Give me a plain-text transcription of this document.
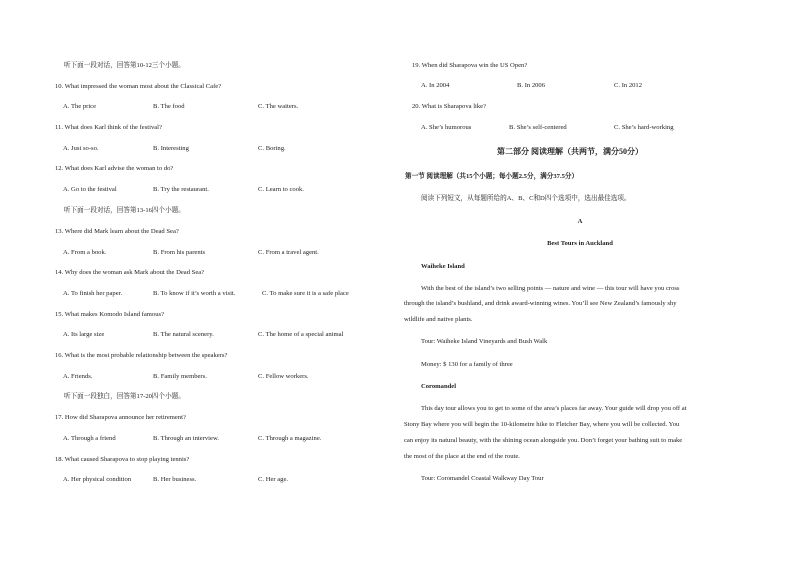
听下面一段对话，回答第10-12三个小题。
10. What impressed the woman most about the Classical Cafe?
A. The price	B. The food	C. The waiters.
11. What does Karl think of the festival?
A. Just so-so.	B. Interesting	C. Boring.
12. What does Karl advise the woman to do?
A. Go to the festival	B. Try the restaurant.	C. Learn to cook.
听下面一段对话，回答第13-16四个小题。
13. Where did Mark learn about the Dead Sea?
A. From a book.	B. From his parents	C. From a travel agent.
14. Why does the woman ask Mark about the Dead Sea?
A. To finish her paper.	B. To know if it’s worth a visit.	C. To make sure it is a safe place
15. What makes Komodo Island famous?
A. Its large size	B. The natural scenery.	C. The home of a special animal
16. What is the most probable relationship between the speakers?
A. Friends.	B. Family members.	C. Fellow workers.
听下面一段独白，回答第17-20四个小题。
17. How did Sharapova announce her retirement?
A. Through a friend	B. Through an interview.	C. Through a magazine.
18. What caused Sharapova to stop playing tennis?
A. Her physical condition	B. Her business.	C. Her age.
19. When did Sharapova win the US Open?
A. In 2004	B. In 2006	C. In 2012
20. What is Sharapova like?
A. She’s humorous	B. She’s self-centered	C. She’s hard-working
第二部分 阅读理解（共两节，满分50分）
第一节 阅读理解（共15个小题；每小题2.5分，满分37.5分）
阅读下列短文，从每题所给的A、B、C和D四个选项中，选出最佳选项。
A
Best Tours in Auckland
Waiheke Island
With the best of the island’s two selling points — nature and wine — this tour will have you cross
through the island’s bushland, and drink award-winning wines. You’ll see New Zealand’s famously shy
wildlife and native plants.
Tour: Waiheke Island Vineyards and Bush Walk
Money: $ 130 for a family of three
Coromandel
This day tour allows you to get to some of the area’s places far away. Your guide will drop you off at
Stony Bay where you will begin the 10-kilometre hike to Fletcher Bay, where you will be collected. You
can enjoy its natural beauty, with the shining ocean alongside you. Don’t forget your bathing suit to make
the most of the place at the end of the route.
Tour: Coromandel Coastal Walkway Day Tour
